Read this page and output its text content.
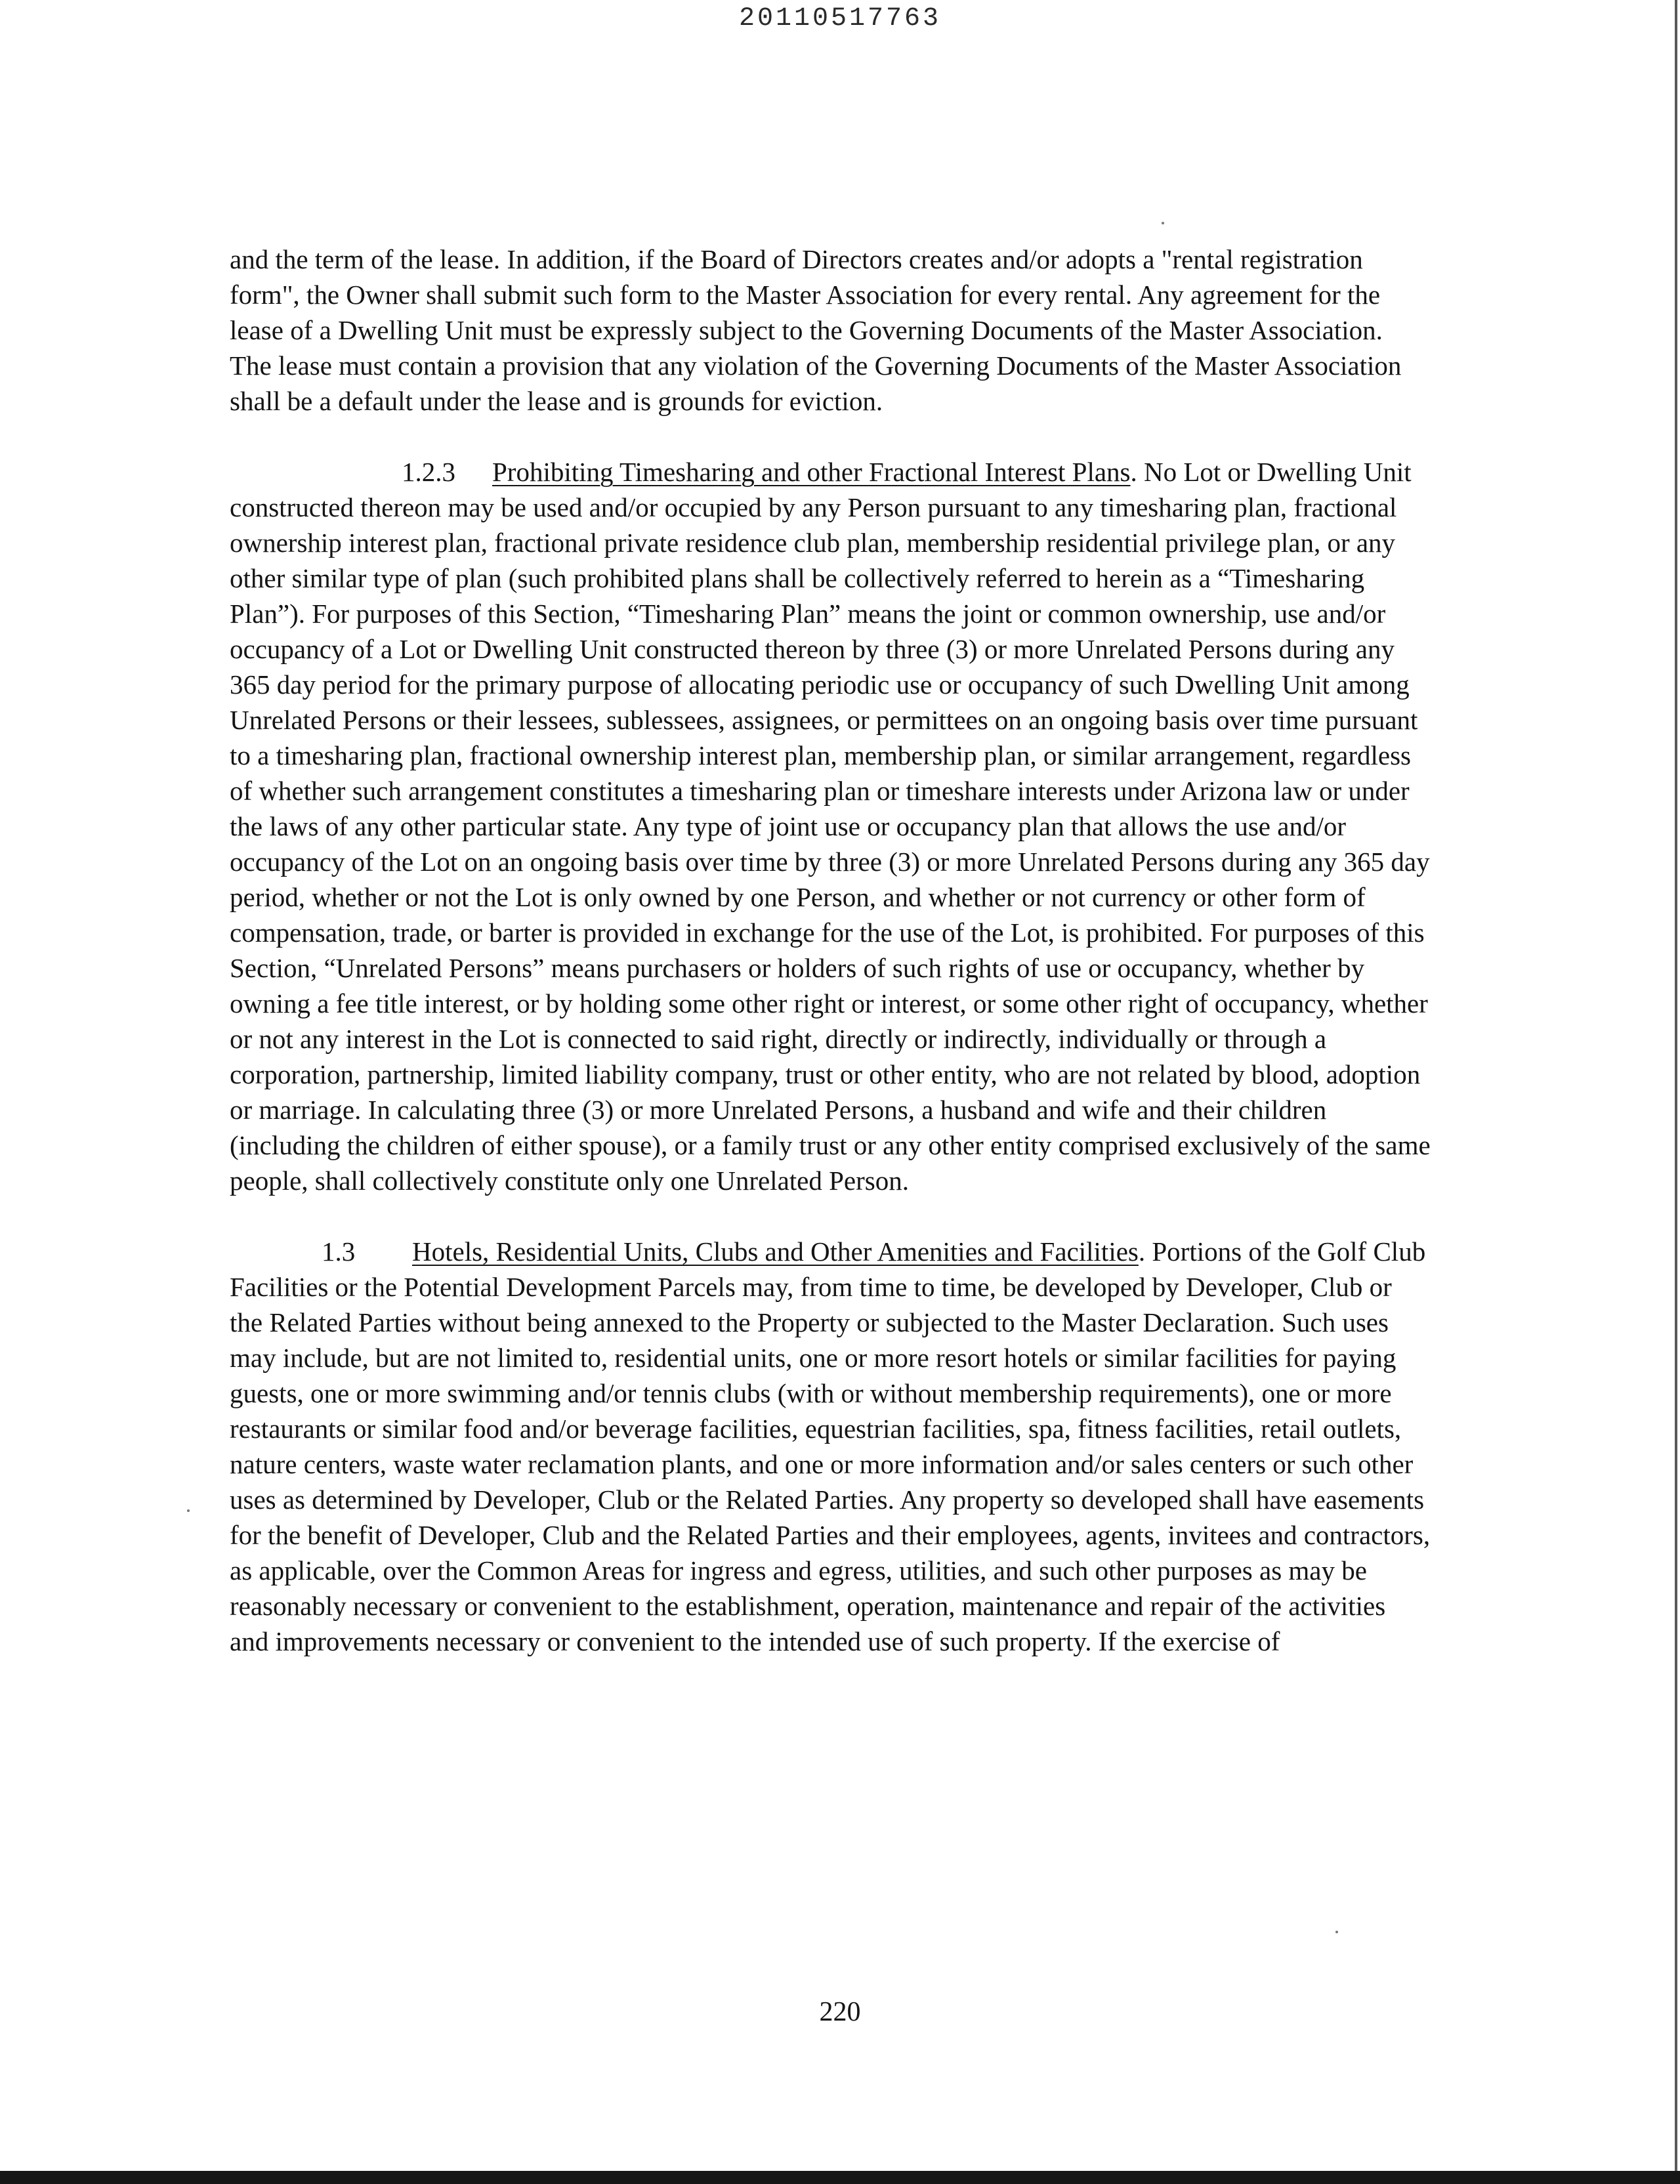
20110517763

and the term of the lease. In addition, if the Board of Directors creates and/or adopts a "rental registration form", the Owner shall submit such form to the Master Association for every rental. Any agreement for the lease of a Dwelling Unit must be expressly subject to the Governing Documents of the Master Association. The lease must contain a provision that any violation of the Governing Documents of the Master Association shall be a default under the lease and is grounds for eviction.

1.2.3 Prohibiting Timesharing and other Fractional Interest Plans. No Lot or Dwelling Unit constructed thereon may be used and/or occupied by any Person pursuant to any timesharing plan, fractional ownership interest plan, fractional private residence club plan, membership residential privilege plan, or any other similar type of plan (such prohibited plans shall be collectively referred to herein as a “Timesharing Plan”). For purposes of this Section, “Timesharing Plan” means the joint or common ownership, use and/or occupancy of a Lot or Dwelling Unit constructed thereon by three (3) or more Unrelated Persons during any 365 day period for the primary purpose of allocating periodic use or occupancy of such Dwelling Unit among Unrelated Persons or their lessees, sublessees, assignees, or permittees on an ongoing basis over time pursuant to a timesharing plan, fractional ownership interest plan, membership plan, or similar arrangement, regardless of whether such arrangement constitutes a timesharing plan or timeshare interests under Arizona law or under the laws of any other particular state. Any type of joint use or occupancy plan that allows the use and/or occupancy of the Lot on an ongoing basis over time by three (3) or more Unrelated Persons during any 365 day period, whether or not the Lot is only owned by one Person, and whether or not currency or other form of compensation, trade, or barter is provided in exchange for the use of the Lot, is prohibited. For purposes of this Section, “Unrelated Persons” means purchasers or holders of such rights of use or occupancy, whether by owning a fee title interest, or by holding some other right or interest, or some other right of occupancy, whether or not any interest in the Lot is connected to said right, directly or indirectly, individually or through a corporation, partnership, limited liability company, trust or other entity, who are not related by blood, adoption or marriage. In calculating three (3) or more Unrelated Persons, a husband and wife and their children (including the children of either spouse), or a family trust or any other entity comprised exclusively of the same people, shall collectively constitute only one Unrelated Person.

1.3 Hotels, Residential Units, Clubs and Other Amenities and Facilities. Portions of the Golf Club Facilities or the Potential Development Parcels may, from time to time, be developed by Developer, Club or the Related Parties without being annexed to the Property or subjected to the Master Declaration. Such uses may include, but are not limited to, residential units, one or more resort hotels or similar facilities for paying guests, one or more swimming and/or tennis clubs (with or without membership requirements), one or more restaurants or similar food and/or beverage facilities, equestrian facilities, spa, fitness facilities, retail outlets, nature centers, waste water reclamation plants, and one or more information and/or sales centers or such other uses as determined by Developer, Club or the Related Parties. Any property so developed shall have easements for the benefit of Developer, Club and the Related Parties and their employees, agents, invitees and contractors, as applicable, over the Common Areas for ingress and egress, utilities, and such other purposes as may be reasonably necessary or convenient to the establishment, operation, maintenance and repair of the activities and improvements necessary or convenient to the intended use of such property. If the exercise of

220
